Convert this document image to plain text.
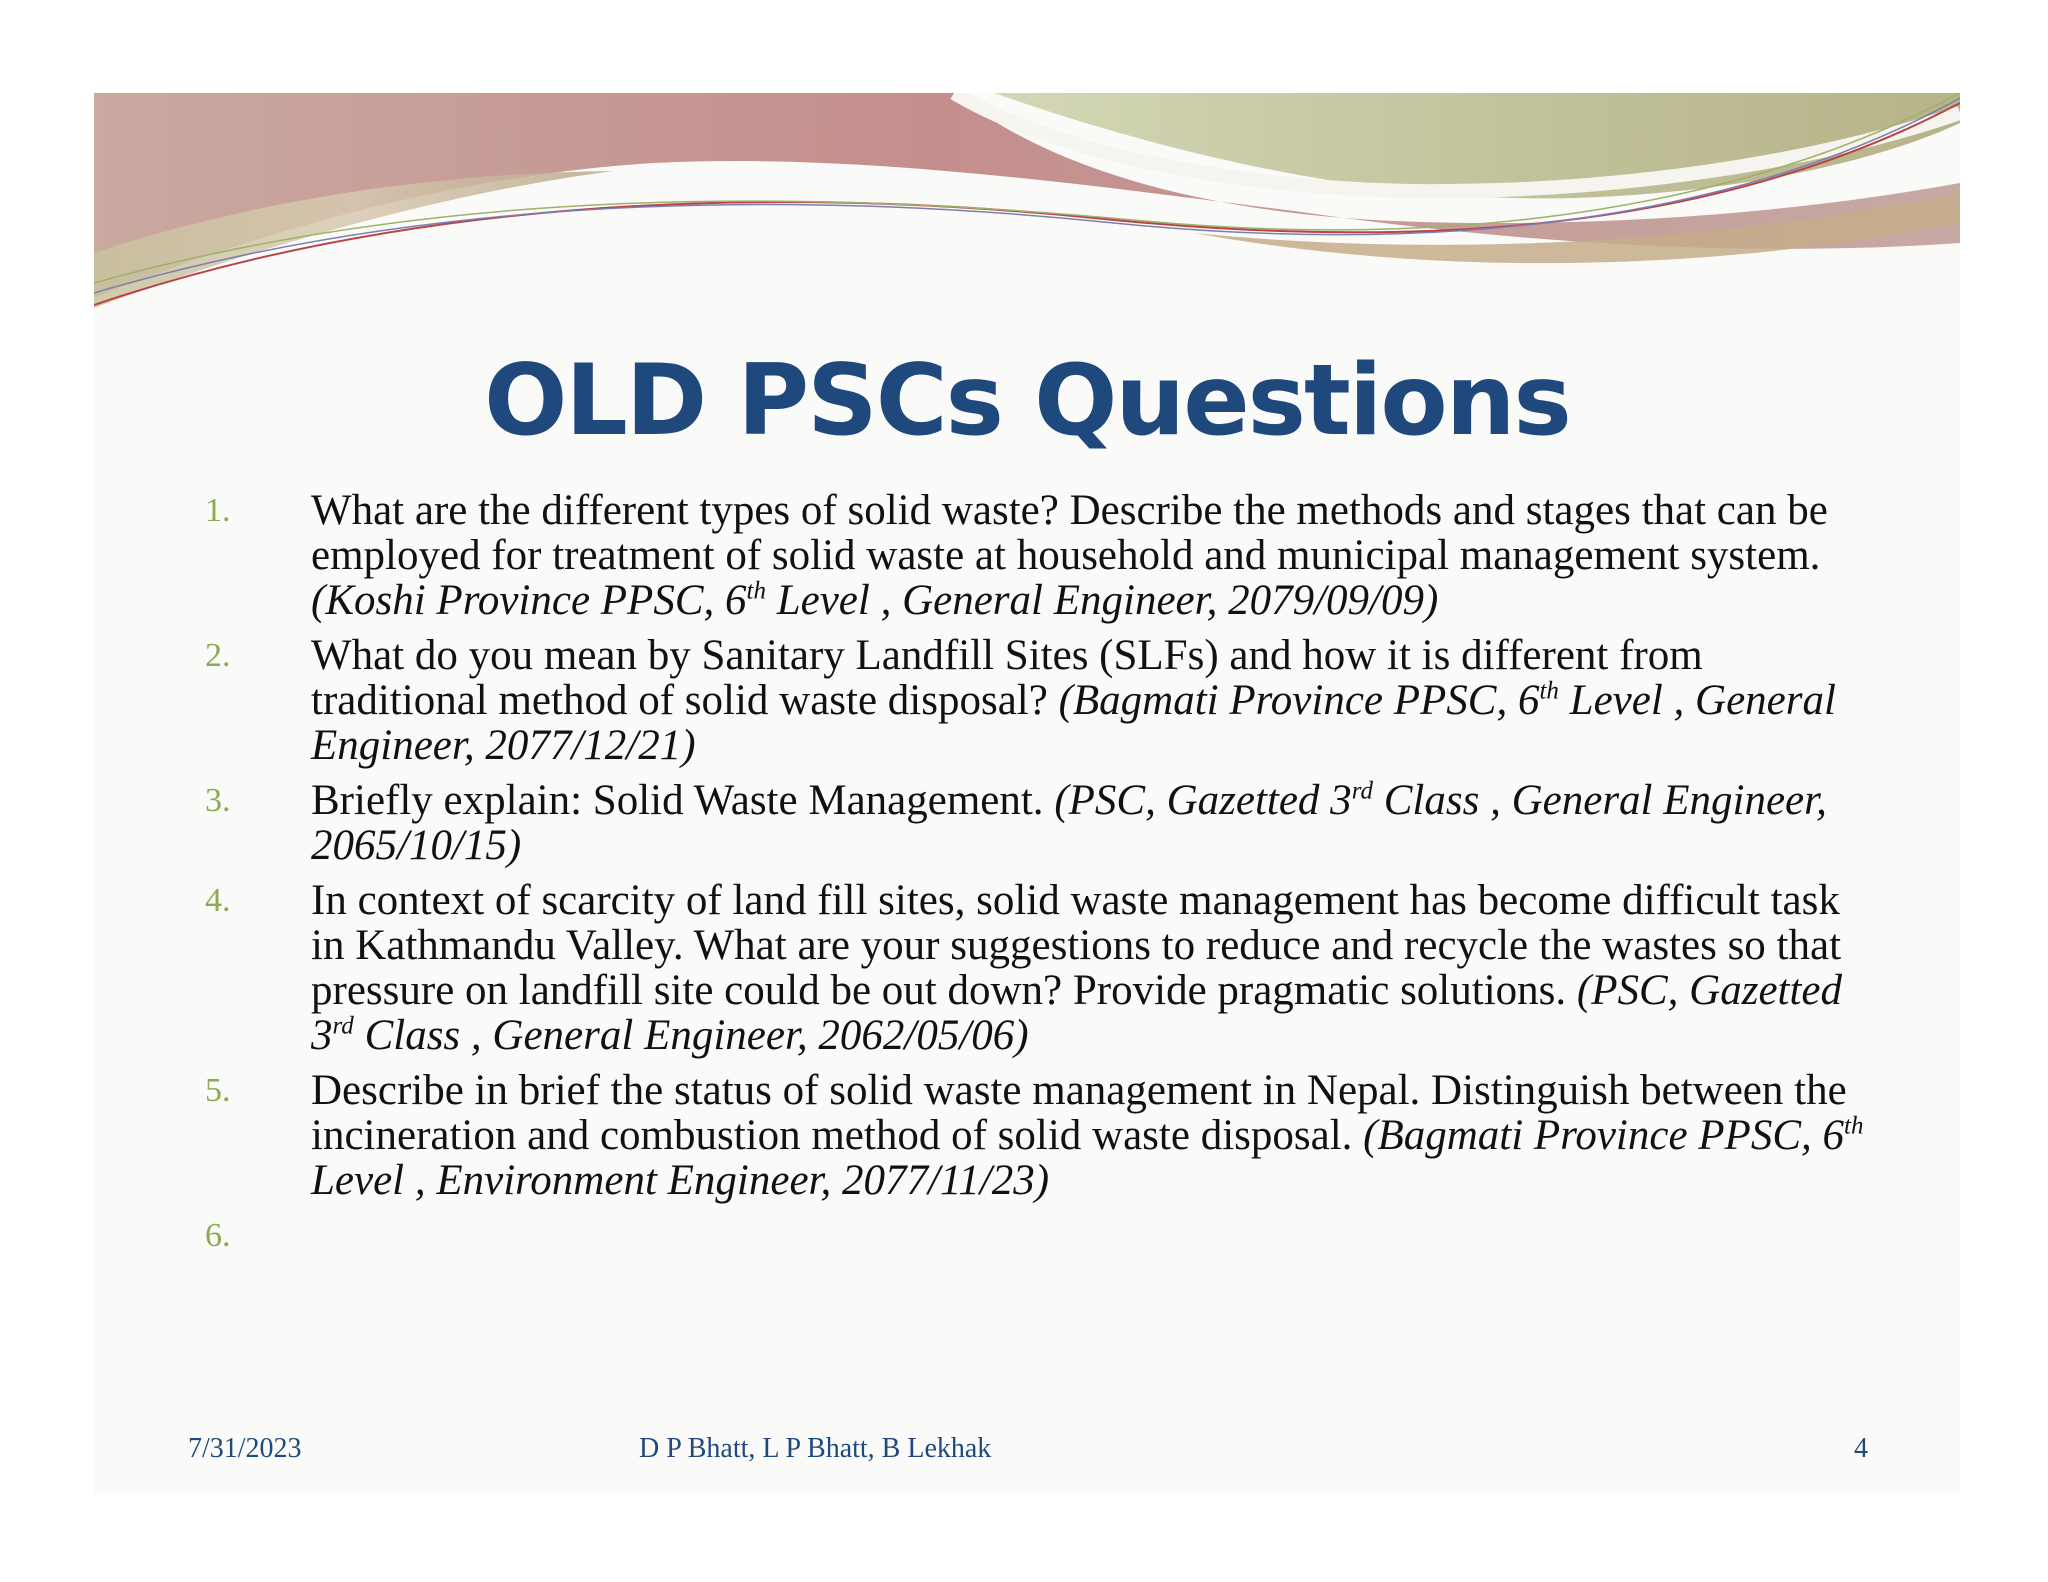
OLD PSCs Questions
1. What are the different types of solid waste? Describe the methods and stages that can be employed for treatment of solid waste at household and municipal management system. (Koshi Province PPSC, 6th Level , General Engineer, 2079/09/09)
2. What do you mean by Sanitary Landfill Sites (SLFs) and how it is different from traditional method of solid waste disposal? (Bagmati Province PPSC, 6th Level , General Engineer, 2077/12/21)
3. Briefly explain: Solid Waste Management. (PSC, Gazetted 3rd Class , General Engineer, 2065/10/15)
4. In context of scarcity of land fill sites, solid waste management has become difficult task in Kathmandu Valley. What are your suggestions to reduce and recycle the wastes so that pressure on landfill site could be out down? Provide pragmatic solutions. (PSC, Gazetted 3rd Class , General Engineer, 2062/05/06)
5. Describe in brief the status of solid waste management in Nepal. Distinguish between the incineration and combustion method of solid waste disposal. (Bagmati Province PPSC, 6th Level , Environment Engineer, 2077/11/23)
6.
7/31/2023	D P Bhatt, L P Bhatt, B Lekhak	4
